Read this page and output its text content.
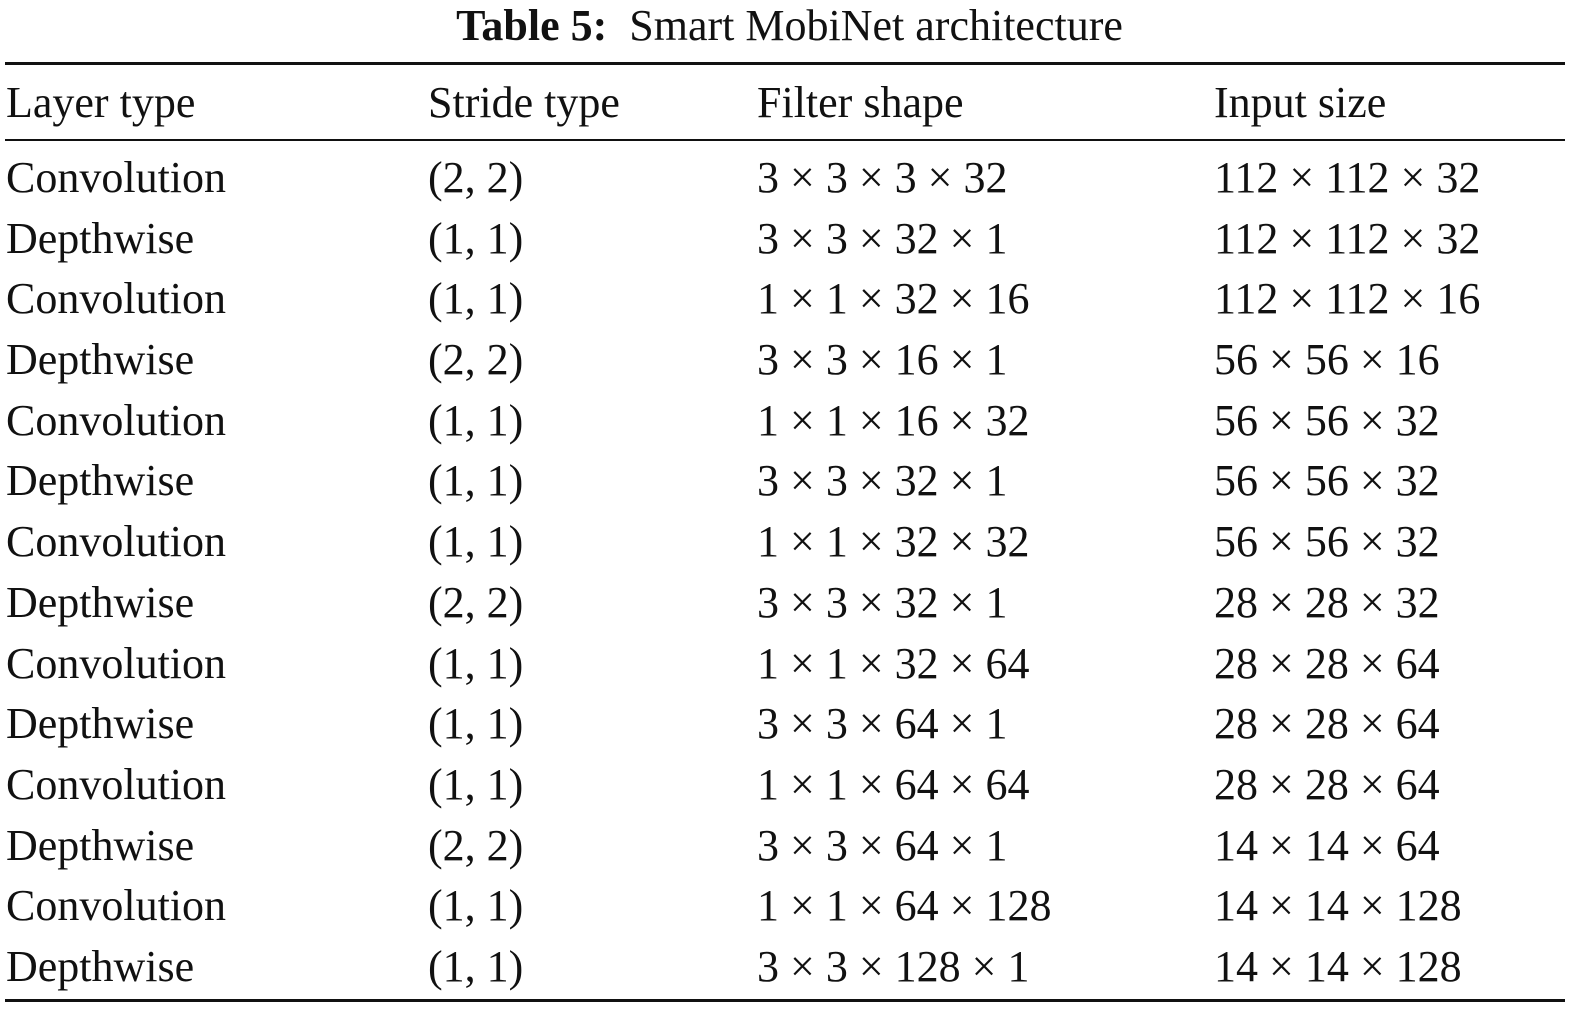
Table 5: Smart MobiNet architecture
Layer type	Stride type	Filter shape	Input size
Convolution	(2, 2)	3 × 3 × 3 × 32	112 × 112 × 32
Depthwise	(1, 1)	3 × 3 × 32 × 1	112 × 112 × 32
Convolution	(1, 1)	1 × 1 × 32 × 16	112 × 112 × 16
Depthwise	(2, 2)	3 × 3 × 16 × 1	56 × 56 × 16
Convolution	(1, 1)	1 × 1 × 16 × 32	56 × 56 × 32
Depthwise	(1, 1)	3 × 3 × 32 × 1	56 × 56 × 32
Convolution	(1, 1)	1 × 1 × 32 × 32	56 × 56 × 32
Depthwise	(2, 2)	3 × 3 × 32 × 1	28 × 28 × 32
Convolution	(1, 1)	1 × 1 × 32 × 64	28 × 28 × 64
Depthwise	(1, 1)	3 × 3 × 64 × 1	28 × 28 × 64
Convolution	(1, 1)	1 × 1 × 64 × 64	28 × 28 × 64
Depthwise	(2, 2)	3 × 3 × 64 × 1	14 × 14 × 64
Convolution	(1, 1)	1 × 1 × 64 × 128	14 × 14 × 128
Depthwise	(1, 1)	3 × 3 × 128 × 1	14 × 14 × 128
